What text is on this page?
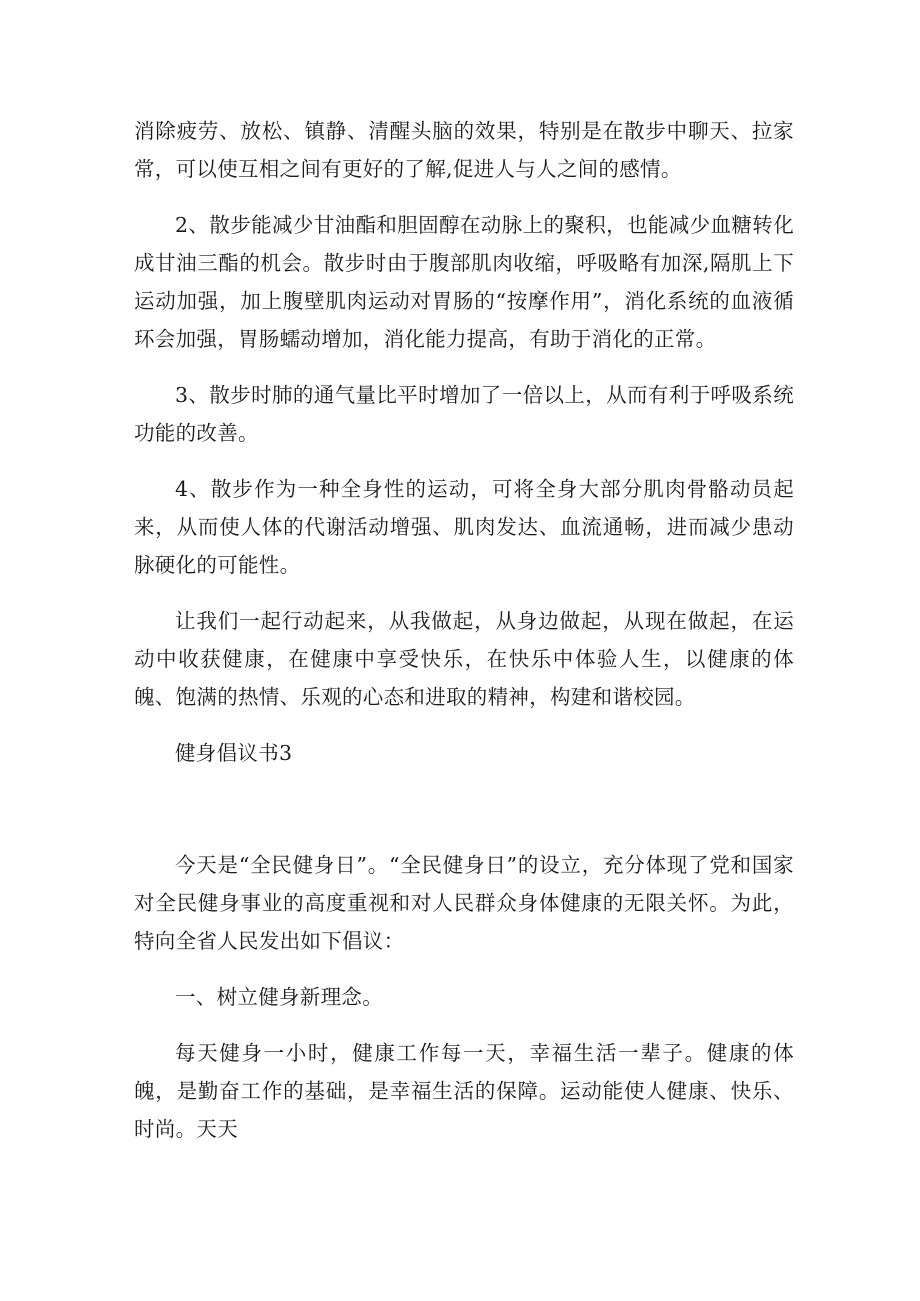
消除疲劳、放松、镇静、清醒头脑的效果，特别是在散步中聊天、拉家常，可以使互相之间有更好的了解,促进人与人之间的感情。

2、散步能减少甘油酯和胆固醇在动脉上的聚积，也能减少血糖转化成甘油三酯的机会。散步时由于腹部肌肉收缩，呼吸略有加深,隔肌上下运动加强，加上腹壁肌肉运动对胃肠的“按摩作用”，消化系统的血液循环会加强，胃肠蠕动增加，消化能力提高，有助于消化的正常。

3、散步时肺的通气量比平时增加了一倍以上，从而有利于呼吸系统功能的改善。

4、散步作为一种全身性的运动，可将全身大部分肌肉骨骼动员起来，从而使人体的代谢活动增强、肌肉发达、血流通畅，进而减少患动脉硬化的可能性。

让我们一起行动起来，从我做起，从身边做起，从现在做起，在运动中收获健康，在健康中享受快乐，在快乐中体验人生，以健康的体魄、饱满的热情、乐观的心态和进取的精神，构建和谐校园。

健身倡议书3

今天是“全民健身日”。“全民健身日”的设立，充分体现了党和国家对全民健身事业的高度重视和对人民群众身体健康的无限关怀。为此，特向全省人民发出如下倡议：

一、树立健身新理念。

每天健身一小时，健康工作每一天，幸福生活一辈子。健康的体魄，是勤奋工作的基础，是幸福生活的保障。运动能使人健康、快乐、时尚。天天
